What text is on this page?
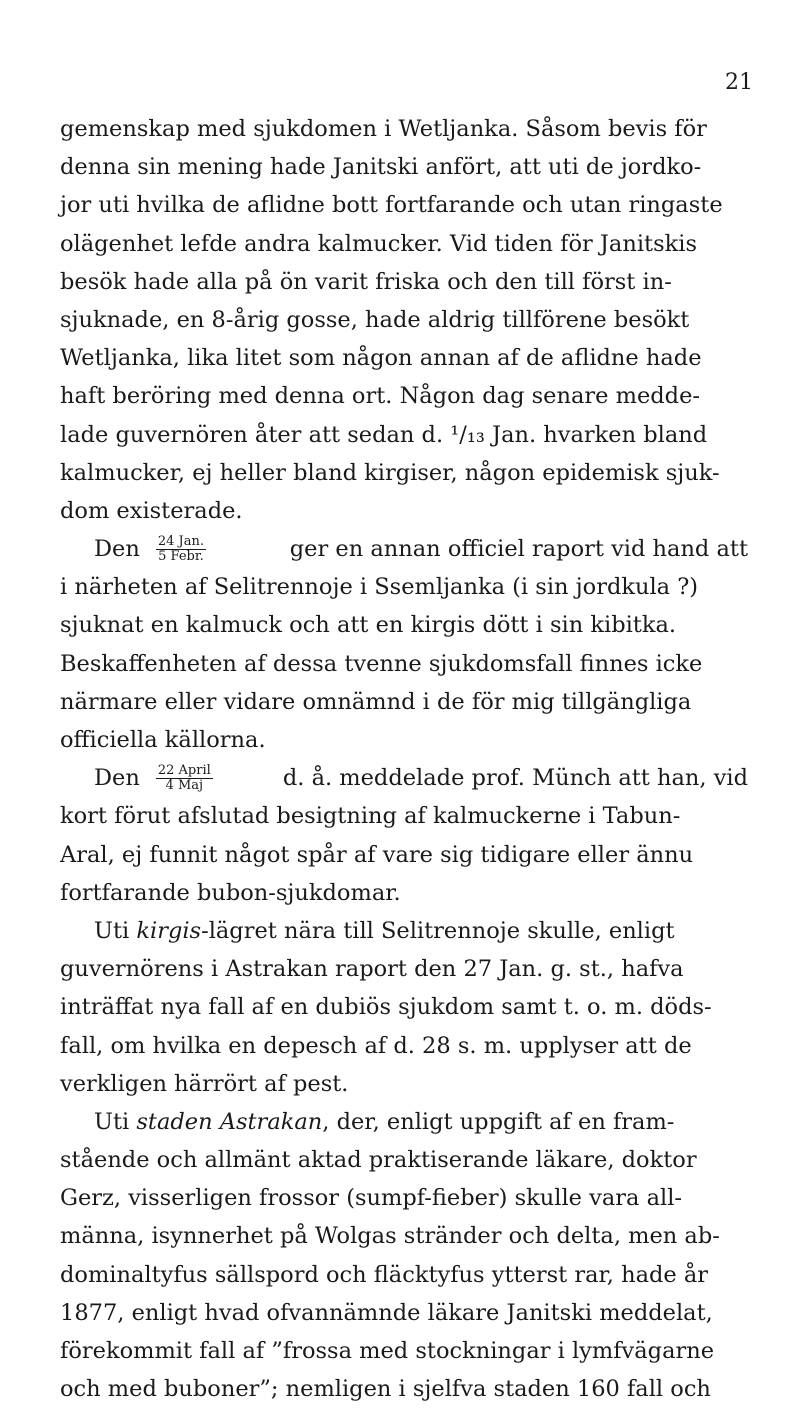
21
gemenskap med sjukdomen i Wetljanka. Såsom bevis för
denna sin mening hade Janitski anfört, att uti de jordko-
jor uti hvilka de aflidne bott fortfarande och utan ringaste
olägenhet lefde andra kalmucker. Vid tiden för Janitskis
besök hade alla på ön varit friska och den till först in-
sjuknade, en 8-årig gosse, hade aldrig tillförene besökt
Wetljanka, lika litet som någon annan af de aflidne hade
haft beröring med denna ort. Någon dag senare medde-
lade guvernören åter att sedan d. ¹/₁₃ Jan. hvarken bland
kalmucker, ej heller bland kirgiser, någon epidemisk sjuk-
dom existerade.
Den $\frac{\text{24 Jan.}}{\text{5 Febr.}}$	ger en annan officiel raport vid hand att
i närheten af Selitrennoje i Ssemljanka (i sin jordkula ?)
sjuknat en kalmuck och att en kirgis dött i sin kibitka.
Beskaffenheten af dessa tvenne sjukdomsfall finnes icke
närmare eller vidare omnämnd i de för mig tillgängliga
officiella källorna.
Den $\frac{\text{22 April}}{\text{4 Maj}}$	d. å. meddelade prof. Münch att han, vid
kort förut afslutad besigtning af kalmuckerne i Tabun-
Aral, ej funnit något spår af vare sig tidigare eller ännu
fortfarande bubon-sjukdomar.
Uti kirgis-lägret nära till Selitrennoje skulle, enligt
guvernörens i Astrakan raport den 27 Jan. g. st., hafva
inträffat nya fall af en dubiös sjukdom samt t. o. m. döds-
fall, om hvilka en depesch af d. 28 s. m. upplyser att de
verkligen härrört af pest.
Uti staden Astrakan, der, enligt uppgift af en fram-
stående och allmänt aktad praktiserande läkare, doktor
Gerz, visserligen frossor (sumpf-fieber) skulle vara all-
männa, isynnerhet på Wolgas stränder och delta, men ab-
dominaltyfus sällspord och fläcktyfus ytterst rar, hade år
1877, enligt hvad ofvannämnde läkare Janitski meddelat,
förekommit fall af ”frossa med stockningar i lymfvägarne
och med buboner”; nemligen i sjelfva staden 160 fall och
